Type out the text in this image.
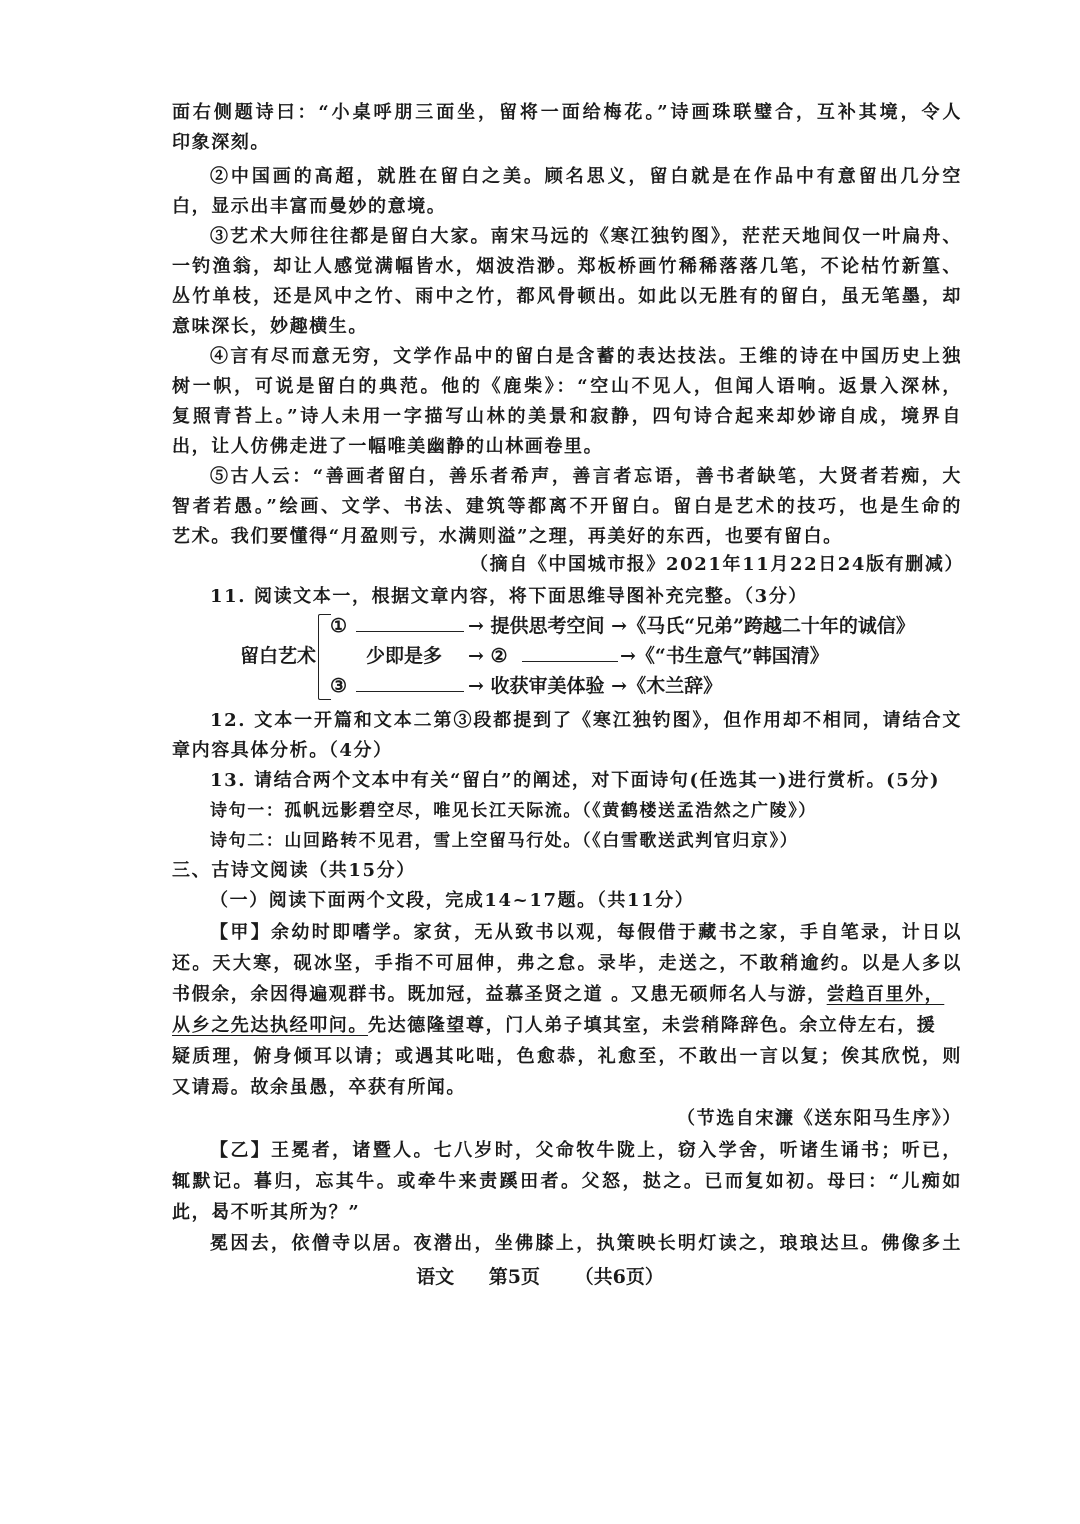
面右侧题诗曰：“小桌呼朋三面坐，留将一面给梅花。”诗画珠联璧合，互补其境，令人
印象深刻。
②中国画的高超，就胜在留白之美。顾名思义，留白就是在作品中有意留出几分空
白，显示出丰富而曼妙的意境。
③艺术大师往往都是留白大家。南宋马远的《寒江独钓图》，茫茫天地间仅一叶扁舟、
一钓渔翁，却让人感觉满幅皆水，烟波浩渺。郑板桥画竹稀稀落落几笔，不论枯竹新篁、
丛竹单枝，还是风中之竹、雨中之竹，都风骨顿出。如此以无胜有的留白，虽无笔墨，却
意味深长，妙趣横生。
④言有尽而意无穷，文学作品中的留白是含蓄的表达技法。王维的诗在中国历史上独
树一帜，可说是留白的典范。他的《鹿柴》：“空山不见人，但闻人语响。返景入深林，
复照青苔上。”诗人未用一字描写山林的美景和寂静，四句诗合起来却妙谛自成，境界自
出，让人仿佛走进了一幅唯美幽静的山林画卷里。
⑤古人云：“善画者留白，善乐者希声，善言者忘语，善书者缺笔，大贤者若痴，大
智者若愚。”绘画、文学、书法、建筑等都离不开留白。留白是艺术的技巧，也是生命的
艺术。我们要懂得“月盈则亏，水满则溢”之理，再美好的东西，也要有留白。
（摘自《中国城市报》2021年11月22日24版有删减）
11. 阅读文本一，根据文章内容，将下面思维导图补充完整。（3分）
留白艺术
①	→ 提供思考空间 →《马氏“兄弟”跨越二十年的诚信》
少即是多 → ②	→《“书生意气”韩国清》
③	→ 收获审美体验 →《木兰辞》
12. 文本一开篇和文本二第③段都提到了《寒江独钓图》，但作用却不相同，请结合文
章内容具体分析。（4分）
13. 请结合两个文本中有关“留白”的阐述，对下面诗句(任选其一)进行赏析。(5分)
诗句一：孤帆远影碧空尽，唯见长江天际流。（《黄鹤楼送孟浩然之广陵》）
诗句二：山回路转不见君，雪上空留马行处。（《白雪歌送武判官归京》）
三、古诗文阅读（共15分）
（一）阅读下面两个文段，完成14~17题。（共11分）
【甲】余幼时即嗜学。家贫，无从致书以观，每假借于藏书之家，手自笔录，计日以
还。天大寒，砚冰坚，手指不可屈伸，弗之怠。录毕，走送之，不敢稍逾约。以是人多以
书假余，余因得遍观群书。既加冠，益慕圣贤之道 。又患无硕师名人与游，尝趋百里外，
从乡之先达执经叩问。先达德隆望尊，门人弟子填其室，未尝稍降辞色。余立侍左右，援
疑质理，俯身倾耳以请；或遇其叱咄，色愈恭，礼愈至，不敢出一言以复；俟其欣悦，则
又请焉。故余虽愚，卒获有所闻。
（节选自宋濂《送东阳马生序》）
【乙】王冕者，诸暨人。七八岁时，父命牧牛陇上，窃入学舍，听诸生诵书；听已，
辄默记。暮归，忘其牛。或牵牛来责蹊田者。父怒，挞之。已而复如初。母曰：“儿痴如
此，曷不听其所为？”
冕因去，依僧寺以居。夜潜出，坐佛膝上，执策映长明灯读之，琅琅达旦。佛像多土
语文 第5页 （共6页）
